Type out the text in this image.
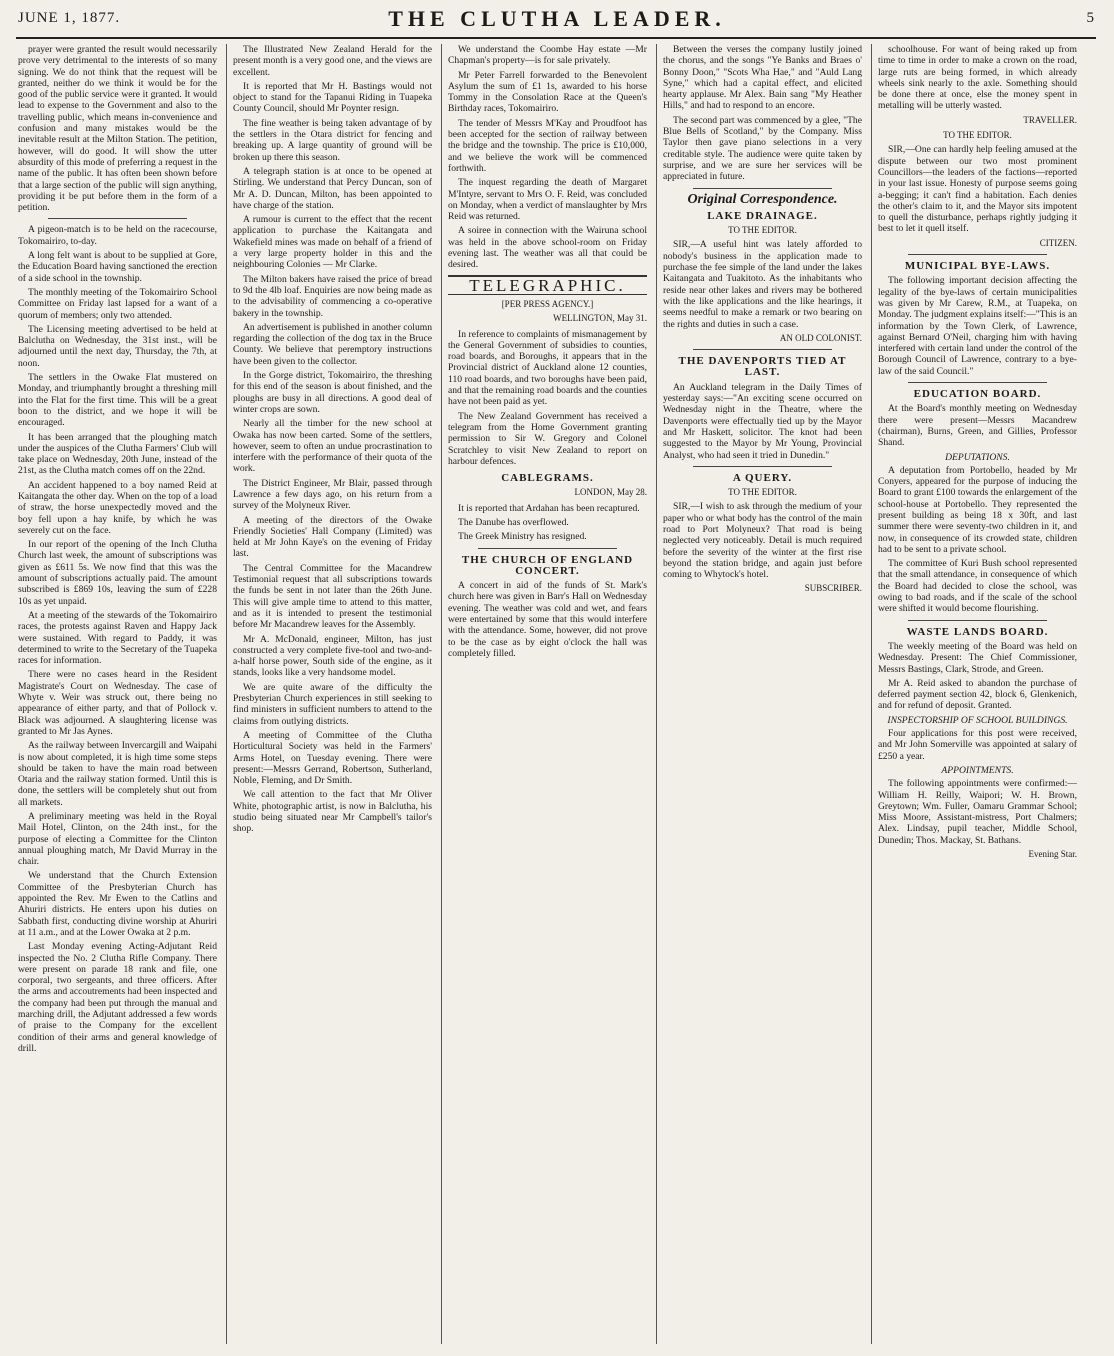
JUNE 1, 1877.	THE CLUTHA LEADER.	5

prayer were granted the result would necessarily prove very detrimental to the interests of so many signing. We do not think that the request will be granted, neither do we think it would be for the good of the public service were it granted. It would lead to expense to the Government and also to the travelling public, which means in-convenience and confusion and many mistakes would be the inevitable result at the Milton Station. The petition, however, will do good. It will show the utter absurdity of this mode of preferring a request in the name of the public. It has often been shown before that a large section of the public will sign anything, providing it be put before them in the form of a petition.

A pigeon-match is to be held on the racecourse, Tokomairiro, to-day.

A long felt want is about to be supplied at Gore, the Education Board having sanctioned the erection of a side school in the township.

The monthly meeting of the Tokomairiro School Committee on Friday last lapsed for a want of a quorum of members; only two attended.

The Licensing meeting advertised to be held at Balclutha on Wednesday, the 31st inst., will be adjourned until the next day, Thursday, the 7th, at noon.

The settlers in the Owake Flat mustered on Monday, and triumphantly brought a threshing mill into the Flat for the first time. This will be a great boon to the district, and we hope it will be encouraged.

It has been arranged that the ploughing match under the auspices of the Clutha Farmers' Club will take place on Wednesday, 20th June, instead of the 21st, as the Clutha match comes off on the 22nd.

An accident happened to a boy named Reid at Kaitangata the other day. When on the top of a load of straw, the horse unexpectedly moved and the boy fell upon a hay knife, by which he was severely cut on the face.

In our report of the opening of the Inch Clutha Church last week, the amount of subscriptions was given as £611 5s. We now find that this was the amount of subscriptions actually paid. The amount subscribed is £869 10s, leaving the sum of £228 10s as yet unpaid.

At a meeting of the stewards of the Tokomairiro races, the protests against Raven and Happy Jack were sustained. With regard to Paddy, it was determined to write to the Secretary of the Tuapeka races for information.

There were no cases heard in the Resident Magistrate's Court on Wednesday. The case of Whyte v. Weir was struck out, there being no appearance of either party, and that of Pollock v. Black was adjourned. A slaughtering license was granted to Mr Jas Aynes.

As the railway between Invercargill and Waipahi is now about completed, it is high time some steps should be taken to have the main road between Otaria and the railway station formed. Until this is done, the settlers will be completely shut out from all markets.

A preliminary meeting was held in the Royal Mail Hotel, Clinton, on the 24th inst., for the purpose of electing a Committee for the Clinton annual ploughing match, Mr David Murray in the chair.

We understand that the Church Extension Committee of the Presbyterian Church has appointed the Rev. Mr Ewen to the Catlins and Ahuriri districts. He enters upon his duties on Sabbath first, conducting divine worship at Ahuriri at 11 a.m., and at the Lower Owaka at 2 p.m.

Last Monday evening Acting-Adjutant Reid inspected the No. 2 Clutha Rifle Company. There were present on parade 18 rank and file, one corporal, two sergeants, and three officers. After the arms and accoutrements had been inspected and the company had been put through the manual and marching drill, the Adjutant addressed a few words of praise to the Company for the excellent condition of their arms and general knowledge of drill.

The Illustrated New Zealand Herald for the present month is a very good one, and the views are excellent.

It is reported that Mr H. Bastings would not object to stand for the Tapanui Riding in Tuapeka County Council, should Mr Poynter resign.

The fine weather is being taken advantage of by the settlers in the Otara district for fencing and breaking up. A large quantity of ground will be broken up there this season.

A telegraph station is at once to be opened at Stirling. We understand that Percy Duncan, son of Mr A. D. Duncan, Milton, has been appointed to have charge of the station.

A rumour is current to the effect that the recent application to purchase the Kaitangata and Wakefield mines was made on behalf of a friend of a very large property holder in this and the neighbouring Colonies — Mr Clarke.

The Milton bakers have raised the price of bread to 9d the 4lb loaf. Enquiries are now being made as to the advisability of commencing a co-operative bakery in the township.

An advertisement is published in another column regarding the collection of the dog tax in the Bruce County. We believe that peremptory instructions have been given to the collector.

In the Gorge district, Tokomairiro, the threshing for this end of the season is about finished, and the ploughs are busy in all directions. A good deal of winter crops are sown.

Nearly all the timber for the new school at Owaka has now been carted. Some of the settlers, however, seem to often an undue procrastination to interfere with the performance of their quota of the work.

The District Engineer, Mr Blair, passed through Lawrence a few days ago, on his return from a survey of the Molyneux River.

A meeting of the directors of the Owake Friendly Societies' Hall Company (Limited) was held at Mr John Kaye's on the evening of Friday last.

The Central Committee for the Macandrew Testimonial request that all subscriptions towards the funds be sent in not later than the 26th June. This will give ample time to attend to this matter, and as it is intended to present the testimonial before Mr Macandrew leaves for the Assembly.

Mr A. McDonald, engineer, Milton, has just constructed a very complete five-tool and two-and-a-half horse power, South side of the engine, as it stands, looks like a very handsome model.

We are quite aware of the difficulty the Presbyterian Church experiences in still seeking to find ministers in sufficient numbers to attend to the claims from outlying districts.

A meeting of Committee of the Clutha Horticultural Society was held in the Farmers' Arms Hotel, on Tuesday evening. There were present:—Messrs Gerrand, Robertson, Sutherland, Noble, Fleming, and Dr Smith.

We call attention to the fact that Mr Oliver White, photographic artist, is now in Balclutha, his studio being situated near Mr Campbell's tailor's shop.

We understand the Coombe Hay estate —Mr Chapman's property—is for sale privately.

Mr Peter Farrell forwarded to the Benevolent Asylum the sum of £1 1s, awarded to his horse Tommy in the Consolation Race at the Queen's Birthday races, Tokomairiro.

The tender of Messrs M'Kay and Proudfoot has been accepted for the section of railway between the bridge and the township. The price is £10,000, and we believe the work will be commenced forthwith.

The inquest regarding the death of Margaret M'Intyre, servant to Mrs O. F. Reid, was concluded on Monday, when a verdict of manslaughter by Mrs Reid was returned.

A soiree in connection with the Wairuna school was held in the above school-room on Friday evening last. The weather was all that could be desired.

TELEGRAPHIC.
[PER PRESS AGENCY.]
WELLINGTON, May 31.

In reference to complaints of mismanagement by the General Government of subsidies to counties, road boards, and Boroughs, it appears that in the Provincial district of Auckland alone 12 counties, 110 road boards, and two boroughs have been paid, and that the remaining road boards and the counties have not been paid as yet.

The New Zealand Government has received a telegram from the Home Government granting permission to Sir W. Gregory and Colonel Scratchley to visit New Zealand to report on harbour defences.

CABLEGRAMS.
LONDON, May 28.

It is reported that Ardahan has been recaptured.

The Danube has overflowed.

The Greek Ministry has resigned.

THE CHURCH OF ENGLAND CONCERT.

A concert in aid of the funds of St. Mark's church here was given in Barr's Hall on Wednesday evening. The weather was cold and wet, and fears were entertained by some that this would interfere with the attendance. Some, however, did not prove to be the case as by eight o'clock the hall was completely filled.

Between the verses the company lustily joined the chorus, and the songs "Ye Banks and Braes o' Bonny Doon," "Scots Wha Hae," and "Auld Lang Syne," which had a capital effect, and elicited hearty applause. Mr Alex. Bain sang "My Heather Hills," and had to respond to an encore.

The second part was commenced by a glee, "The Blue Bells of Scotland," by the Company. Miss Taylor then gave piano selections in a very creditable style. The audience were quite taken by surprise, and we are sure her services will be appreciated in future.

Original Correspondence.
LAKE DRAINAGE.
TO THE EDITOR.

SIR,—A useful hint was lately afforded to nobody's business in the application made to purchase the fee simple of the land under the lakes Kaitangata and Tuakitoto. As the inhabitants who reside near other lakes and rivers may be bothered with the like applications and the like hearings, it seems needful to make a remark or two bearing on the rights and duties in such a case.

AN OLD COLONIST.
THE DAVENPORTS TIED AT LAST.

An Auckland telegram in the Daily Times of yesterday says:—"An exciting scene occurred on Wednesday night in the Theatre, where the Davenports were effectually tied up by the Mayor and Mr Haskett, solicitor. The knot had been suggested to the Mayor by Mr Young, Provincial Analyst, who had seen it tried in Dunedin."

A QUERY.
TO THE EDITOR.

SIR,—I wish to ask through the medium of your paper who or what body has the control of the main road to Port Molyneux? That road is being neglected very noticeably. Detail is much required before the severity of the winter at the first rise beyond the station bridge, and again just before coming to Whytock's hotel.

SUBSCRIBER.

schoolhouse. For want of being raked up from time to time in order to make a crown on the road, large ruts are being formed, in which already wheels sink nearly to the axle. Something should be done there at once, else the money spent in metalling will be utterly wasted.

TRAVELLER.
TO THE EDITOR.

SIR,—One can hardly help feeling amused at the dispute between our two most prominent Councillors—the leaders of the factions—reported in your last issue. Honesty of purpose seems going a-begging; it can't find a habitation. Each denies the other's claim to it, and the Mayor sits impotent to quell the disturbance, perhaps rightly judging it best to let it quell itself.

CITIZEN.
MUNICIPAL BYE-LAWS.

The following important decision affecting the legality of the bye-laws of certain municipalities was given by Mr Carew, R.M., at Tuapeka, on Monday. The judgment explains itself:—"This is an information by the Town Clerk, of Lawrence, against Bernard O'Neil, charging him with having interfered with certain land under the control of the Borough Council of Lawrence, contrary to a bye-law of the said Council."

EDUCATION BOARD.

At the Board's monthly meeting on Wednesday there were present—Messrs Macandrew (chairman), Burns, Green, and Gillies, Professor Shand.

DEPUTATIONS.

A deputation from Portobello, headed by Mr Conyers, appeared for the purpose of inducing the Board to grant £100 towards the enlargement of the school-house at Portobello. They represented the present building as being 18 x 30ft, and last summer there were seventy-two children in it, and now, in consequence of its crowded state, children had to be sent to a private school.

The committee of Kuri Bush school represented that the small attendance, in consequence of which the Board had decided to close the school, was owing to bad roads, and if the scale of the school were shifted it would become flourishing.

WASTE LANDS BOARD.

The weekly meeting of the Board was held on Wednesday. Present: The Chief Commissioner, Messrs Bastings, Clark, Strode, and Green.

Mr A. Reid asked to abandon the purchase of deferred payment section 42, block 6, Glenkenich, and for refund of deposit. Granted.

INSPECTORSHIP OF SCHOOL BUILDINGS.

Four applications for this post were received, and Mr John Somerville was appointed at salary of £250 a year.

APPOINTMENTS.

The following appointments were confirmed:—William H. Reilly, Waipori; W. H. Brown, Greytown; Wm. Fuller, Oamaru Grammar School; Miss Moore, Assistant-mistress, Port Chalmers; Alex. Lindsay, pupil teacher, Middle School, Dunedin; Thos. Mackay, St. Bathans.

Evening Star.
